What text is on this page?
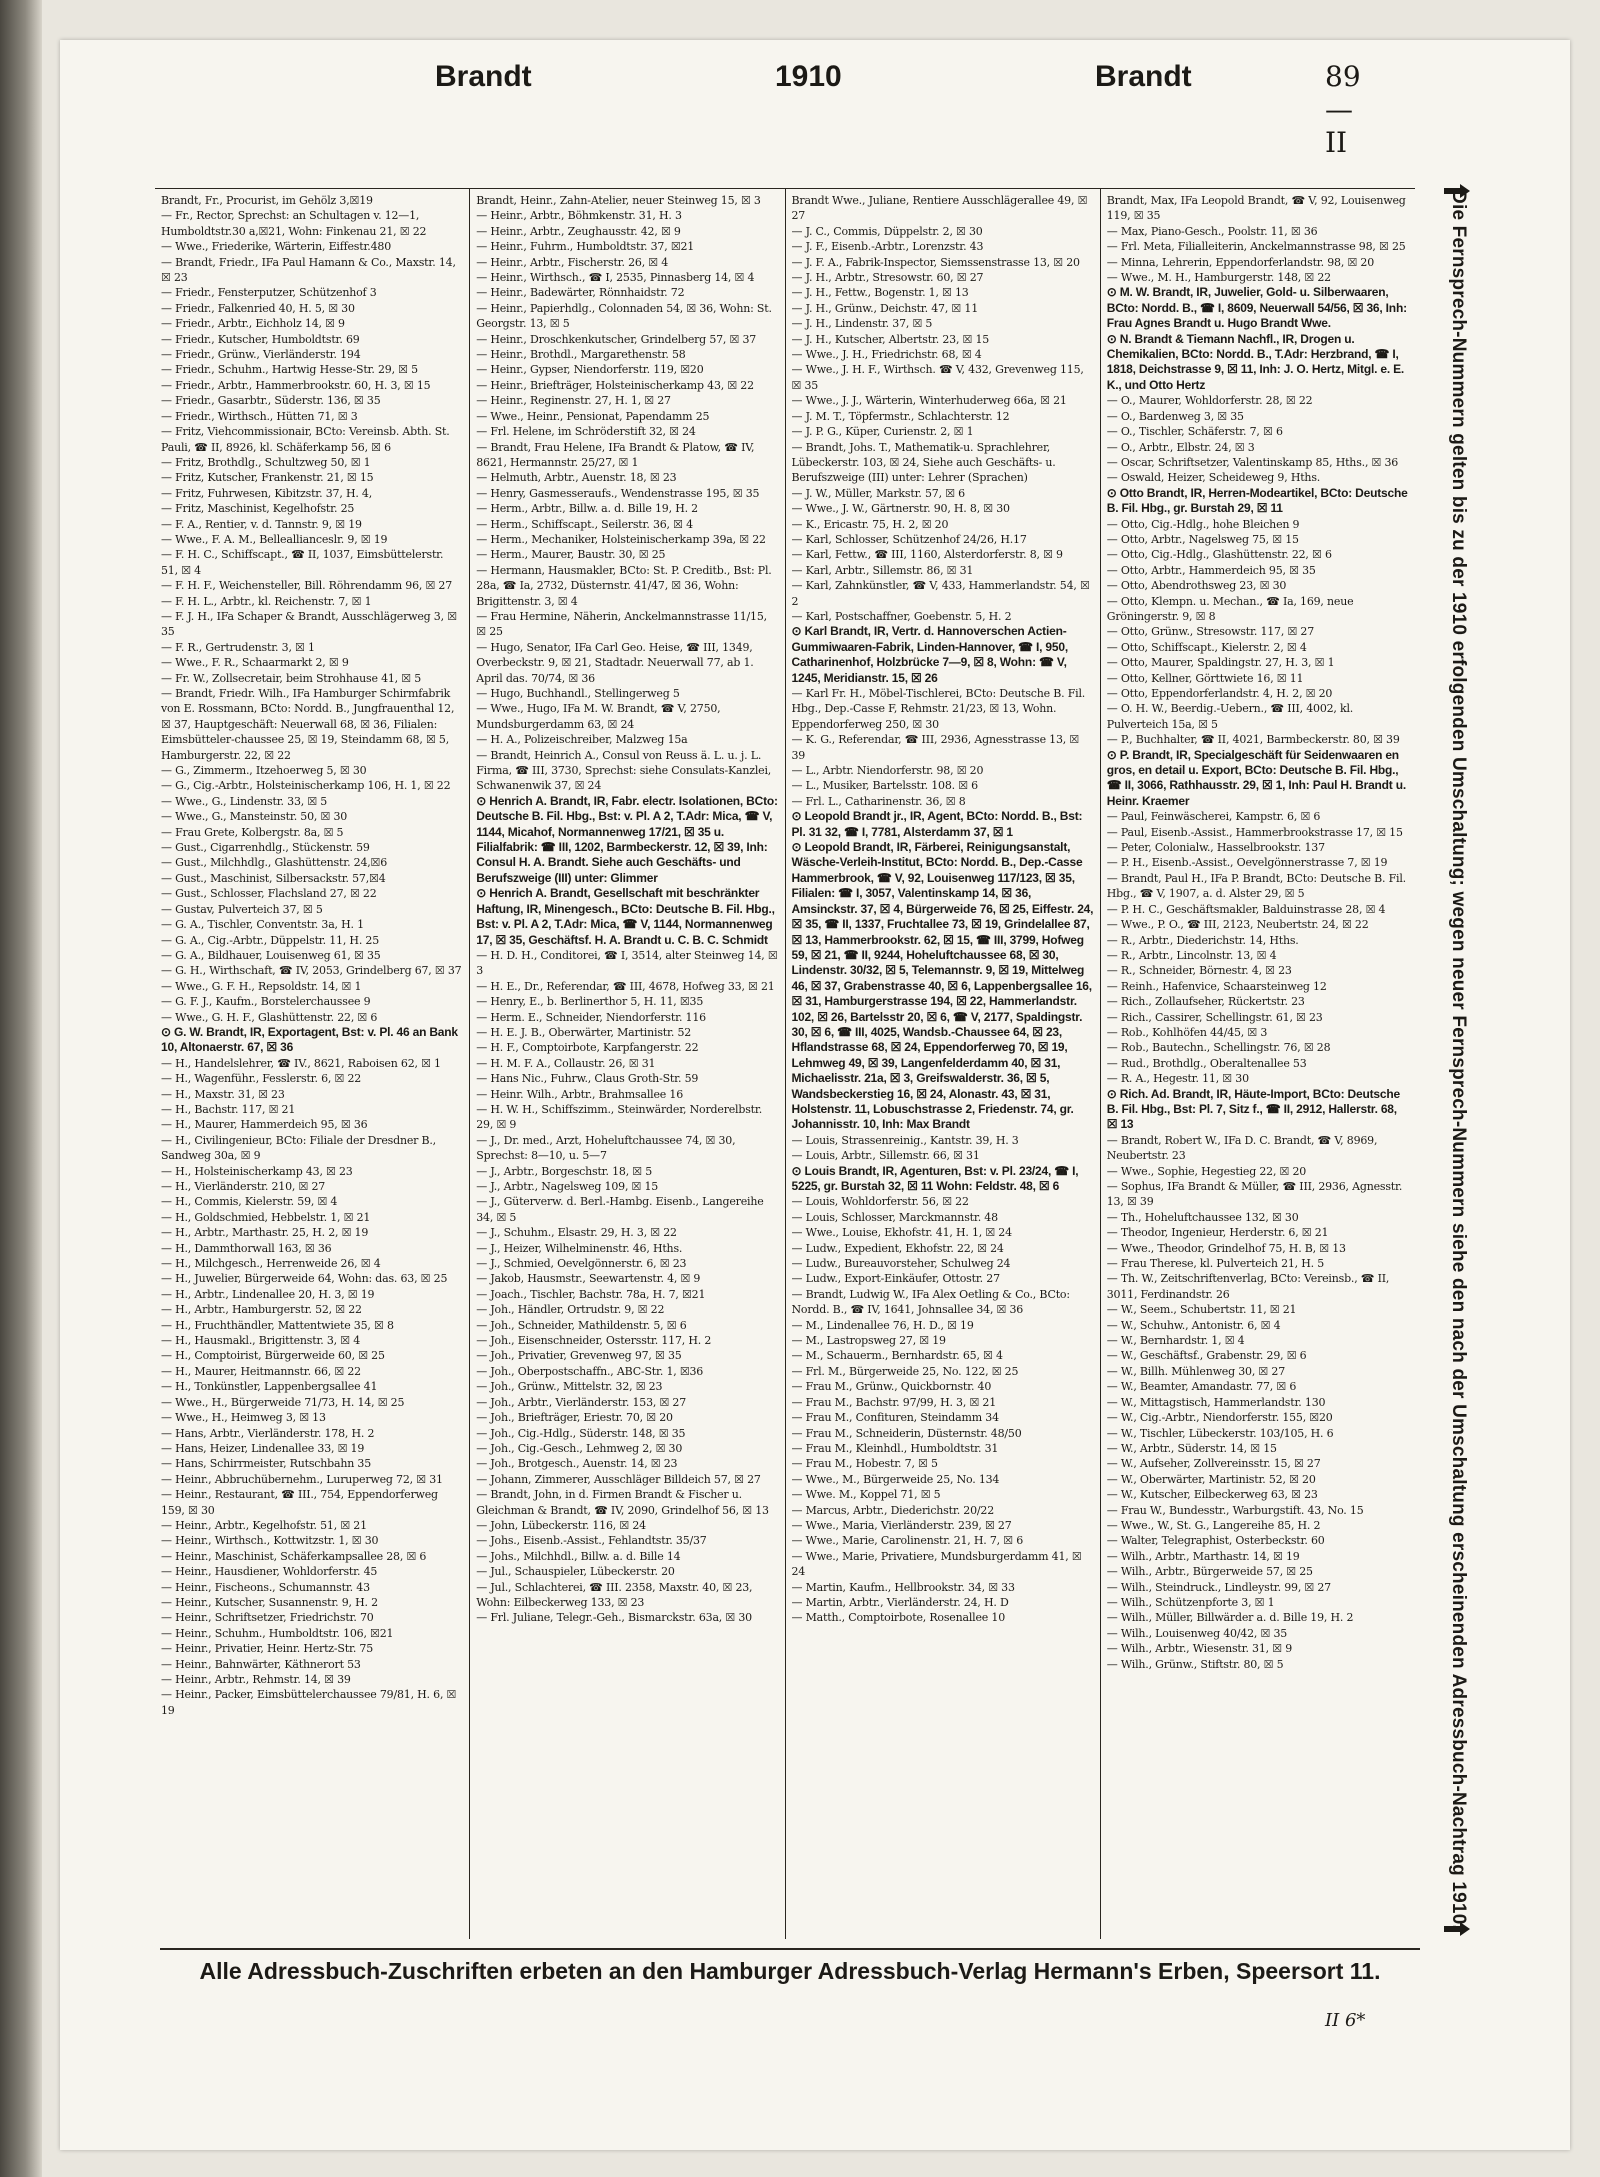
Brandt	1910	Brandt	89—II
Brandt, Fr., Procurist, im Gehölz 3,☒19
— Fr., Rector, Sprechst: an Schultagen v. 12—1, Humboldtstr.30 a,☒21, Wohn: Finkenau 21, ☒ 22
— Wwe., Friederike, Wärterin, Eiffestr.480
— Brandt, Friedr., IFa Paul Hamann & Co., Maxstr. 14, ☒ 23
— Friedr., Fensterputzer, Schützenhof 3
— Friedr., Falkenried 40, H. 5, ☒ 30
— Friedr., Arbtr., Eichholz 14, ☒ 9
— Friedr., Kutscher, Humboldtstr. 69
— Friedr., Grünw., Vierländerstr. 194
— Friedr., Schuhm., Hartwig Hesse-Str. 29, ☒ 5
— Friedr., Arbtr., Hammerbrookstr. 60, H. 3, ☒ 15
— Friedr., Gasarbtr., Süderstr. 136, ☒ 35
— Friedr., Wirthsch., Hütten 71, ☒ 3
— Fritz, Viehcommissionair, BCto: Vereinsb. Abth. St. Pauli, ☎ II, 8926, kl. Schäferkamp 56, ☒ 6
— Fritz, Brothdlg., Schultzweg 50, ☒ 1
— Fritz, Kutscher, Frankenstr. 21, ☒ 15
— Fritz, Fuhrwesen, Kibitzstr. 37, H. 4,
— Fritz, Maschinist, Kegelhofstr. 25
— F. A., Rentier, v. d. Tannstr. 9, ☒ 19
— Wwe., F. A. M., Belleallianceslr. 9, ☒ 19
— F. H. C., Schiffscapt., ☎ II, 1037, Eimsbüttelerstr. 51, ☒ 4
— F. H. F., Weichensteller, Bill. Röhrendamm 96, ☒ 27
— F. H. L., Arbtr., kl. Reichenstr. 7, ☒ 1
— F. J. H., IFa Schaper & Brandt, Ausschlägerweg 3, ☒ 35
— F. R., Gertrudenstr. 3, ☒ 1
— Wwe., F. R., Schaarmarkt 2, ☒ 9
— Fr. W., Zollsecretair, beim Strohhause 41, ☒ 5
— Brandt, Friedr. Wilh., IFa Hamburger Schirmfabrik von E. Rossmann, BCto: Nordd. B., Jungfrauenthal 12, ☒ 37, Hauptgeschäft: Neuerwall 68, ☒ 36, Filialen: Eimsbütteler-chaussee 25, ☒ 19, Steindamm 68, ☒ 5, Hamburgerstr. 22, ☒ 22
— G., Zimmerm., Itzehoerweg 5, ☒ 30
— G., Cig.-Arbtr., Holsteinischerkamp 106, H. 1, ☒ 22
— Wwe., G., Lindenstr. 33, ☒ 5
— Wwe., G., Mansteinstr. 50, ☒ 30
— Frau Grete, Kolbergstr. 8a, ☒ 5
— Gust., Cigarrenhdlg., Stückenstr. 59
— Gust., Milchhdlg., Glashüttenstr. 24,☒6
— Gust., Maschinist, Silbersackstr. 57,☒4
— Gust., Schlosser, Flachsland 27, ☒ 22
— Gustav, Pulverteich 37, ☒ 5
— G. A., Tischler, Conventstr. 3a, H. 1
— G. A., Cig.-Arbtr., Düppelstr. 11, H. 25
— G. A., Bildhauer, Louisenweg 61, ☒ 35
— G. H., Wirthschaft, ☎ IV, 2053, Grindelberg 67, ☒ 37
— Wwe., G. F. H., Repsoldstr. 14, ☒ 1
— G. F. J., Kaufm., Borstelerchaussee 9
— Wwe., G. H. F., Glashüttenstr. 22, ☒ 6
⊙ G. W. Brandt, IR, Exportagent, Bst: v. Pl. 46 an Bank 10, Altonaerstr. 67, ☒ 36
— H., Handelslehrer, ☎ IV., 8621, Raboisen 62, ☒ 1
— H., Wagenführ., Fesslerstr. 6, ☒ 22
— H., Maxstr. 31, ☒ 23
— H., Bachstr. 117, ☒ 21
— H., Maurer, Hammerdeich 95, ☒ 36
— H., Civilingenieur, BCto: Filiale der Dresdner B., Sandweg 30a, ☒ 9
— H., Holsteinischerkamp 43, ☒ 23
— H., Vierländerstr. 210, ☒ 27
— H., Commis, Kielerstr. 59, ☒ 4
— H., Goldschmied, Hebbelstr. 1, ☒ 21
— H., Arbtr., Marthastr. 25, H. 2, ☒ 19
— H., Dammthorwall 163, ☒ 36
— H., Milchgesch., Herrenweide 26, ☒ 4
— H., Juwelier, Bürgerweide 64, Wohn: das. 63, ☒ 25
— H., Arbtr., Lindenallee 20, H. 3, ☒ 19
— H., Arbtr., Hamburgerstr. 52, ☒ 22
— H., Fruchthändler, Mattentwiete 35, ☒ 8
— H., Hausmakl., Brigittenstr. 3, ☒ 4
— H., Comptoirist, Bürgerweide 60, ☒ 25
— H., Maurer, Heitmannstr. 66, ☒ 22
— H., Tonkünstler, Lappenbergsallee 41
— Wwe., H., Bürgerweide 71/73, H. 14, ☒ 25
— Wwe., H., Heimweg 3, ☒ 13
— Hans, Arbtr., Vierländerstr. 178, H. 2
— Hans, Heizer, Lindenallee 33, ☒ 19
— Hans, Schirrmeister, Rutschbahn 35
— Heinr., Abbruchübernehm., Luruperweg 72, ☒ 31
— Heinr., Restaurant, ☎ III., 754, Eppendorferweg 159, ☒ 30
— Heinr., Arbtr., Kegelhofstr. 51, ☒ 21
— Heinr., Wirthsch., Kottwitzstr. 1, ☒ 30
— Heinr., Maschinist, Schäferkampsallee 28, ☒ 6
— Heinr., Hausdiener, Wohldorferstr. 45
— Heinr., Fischeons., Schumannstr. 43
— Heinr., Kutscher, Susannenstr. 9, H. 2
— Heinr., Schriftsetzer, Friedrichstr. 70
— Heinr., Schuhm., Humboldtstr. 106, ☒21
— Heinr., Privatier, Heinr. Hertz-Str. 75
— Heinr., Bahnwärter, Käthnerort 53
— Heinr., Arbtr., Rehmstr. 14, ☒ 39
— Heinr., Packer, Eimsbüttelerchaussee 79/81, H. 6, ☒ 19
Brandt, Heinr., Zahn-Atelier, neuer Steinweg 15, ☒ 3
— Heinr., Arbtr., Böhmkenstr. 31, H. 3
— Heinr., Arbtr., Zeughausstr. 42, ☒ 9
— Heinr., Fuhrm., Humboldtstr. 37, ☒21
— Heinr., Arbtr., Fischerstr. 26, ☒ 4
— Heinr., Wirthsch., ☎ I, 2535, Pinnasberg 14, ☒ 4
— Heinr., Badewärter, Rönnhaidstr. 72
— Heinr., Papierhdlg., Colonnaden 54, ☒ 36, Wohn: St. Georgstr. 13, ☒ 5
— Heinr., Droschkenkutscher, Grindelberg 57, ☒ 37
— Heinr., Brothdl., Margarethenstr. 58
— Heinr., Gypser, Niendorferstr. 119, ☒20
— Heinr., Briefträger, Holsteinischerkamp 43, ☒ 22
— Heinr., Reginenstr. 27, H. 1, ☒ 27
— Wwe., Heinr., Pensionat, Papendamm 25
— Frl. Helene, im Schröderstift 32, ☒ 24
— Brandt, Frau Helene, IFa Brandt & Platow, ☎ IV, 8621, Hermannstr. 25/27, ☒ 1
— Helmuth, Arbtr., Auenstr. 18, ☒ 23
— Henry, Gasmesseraufs., Wendenstrasse 195, ☒ 35
— Herm., Arbtr., Billw. a. d. Bille 19, H. 2
— Herm., Schiffscapt., Seilerstr. 36, ☒ 4
— Herm., Mechaniker, Holsteinischerkamp 39a, ☒ 22
— Herm., Maurer, Baustr. 30, ☒ 25
— Hermann, Hausmakler, BCto: St. P. Creditb., Bst: Pl. 28a, ☎ Ia, 2732, Düsternstr. 41/47, ☒ 36, Wohn: Brigittenstr. 3, ☒ 4
— Frau Hermine, Näherin, Anckelmannstrasse 11/15, ☒ 25
— Hugo, Senator, IFa Carl Geo. Heise, ☎ III, 1349, Overbeckstr. 9, ☒ 21, Stadtadr. Neuerwall 77, ab 1. April das. 70/74, ☒ 36
— Hugo, Buchhandl., Stellingerweg 5
— Wwe., Hugo, IFa M. W. Brandt, ☎ V, 2750, Mundsburgerdamm 63, ☒ 24
— H. A., Polizeischreiber, Malzweg 15a
— Brandt, Heinrich A., Consul von Reuss ä. L. u. j. L. Firma, ☎ III, 3730, Sprechst: siehe Consulats-Kanzlei, Schwanenwik 37, ☒ 24
⊙ Henrich A. Brandt, IR, Fabr. electr. Isolationen, BCto: Deutsche B. Fil. Hbg., Bst: v. Pl. A 2, T.Adr: Mica, ☎ V, 1144, Micahof, Normannenweg 17/21, ☒ 35 u. Filialfabrik: ☎ III, 1202, Barmbeckerstr. 12, ☒ 39, Inh: Consul H. A. Brandt. Siehe auch Geschäfts- und Berufszweige (III) unter: Glimmer
⊙ Henrich A. Brandt, Gesellschaft mit beschränkter Haftung, IR, Minengesch., BCto: Deutsche B. Fil. Hbg., Bst: v. Pl. A 2, T.Adr: Mica, ☎ V, 1144, Normannenweg 17, ☒ 35, Geschäftsf. H. A. Brandt u. C. B. C. Schmidt
— H. D. H., Conditorei, ☎ I, 3514, alter Steinweg 14, ☒ 3
— H. E., Dr., Referendar, ☎ III, 4678, Hofweg 33, ☒ 21
— Henry, E., b. Berlinerthor 5, H. 11, ☒35
— Herm. E., Schneider, Niendorferstr. 116
— H. E. J. B., Oberwärter, Martinistr. 52
— H. F., Comptoirbote, Karpfangerstr. 22
— H. M. F. A., Collaustr. 26, ☒ 31
— Hans Nic., Fuhrw., Claus Groth-Str. 59
— Heinr. Wilh., Arbtr., Brahmsallee 16
— H. W. H., Schiffszimm., Steinwärder, Norderelbstr. 29, ☒ 9
— J., Dr. med., Arzt, Hoheluftchaussee 74, ☒ 30, Sprechst: 8—10, u. 5—7
— J., Arbtr., Borgeschstr. 18, ☒ 5
— J., Arbtr., Nagelsweg 109, ☒ 15
— J., Güterverw. d. Berl.-Hambg. Eisenb., Langereihe 34, ☒ 5
— J., Schuhm., Elsastr. 29, H. 3, ☒ 22
— J., Heizer, Wilhelminenstr. 46, Hths.
— J., Schmied, Oevelgönnerstr. 6, ☒ 23
— Jakob, Hausmstr., Seewartenstr. 4, ☒ 9
— Joach., Tischler, Bachstr. 78a, H. 7, ☒21
— Joh., Händler, Ortrudstr. 9, ☒ 22
— Joh., Schneider, Mathildenstr. 5, ☒ 6
— Joh., Eisenschneider, Ostersstr. 117, H. 2
— Joh., Privatier, Grevenweg 97, ☒ 35
— Joh., Oberpostschaffn., ABC-Str. 1, ☒36
— Joh., Grünw., Mittelstr. 32, ☒ 23
— Joh., Arbtr., Vierländerstr. 153, ☒ 27
— Joh., Briefträger, Eriestr. 70, ☒ 20
— Joh., Cig.-Hdlg., Süderstr. 148, ☒ 35
— Joh., Cig.-Gesch., Lehmweg 2, ☒ 30
— Joh., Brotgesch., Auenstr. 14, ☒ 23
— Johann, Zimmerer, Ausschläger Billdeich 57, ☒ 27
— Brandt, John, in d. Firmen Brandt & Fischer u. Gleichman & Brandt, ☎ IV, 2090, Grindelhof 56, ☒ 13
— John, Lübeckerstr. 116, ☒ 24
— Johs., Eisenb.-Assist., Fehlandtstr. 35/37
— Johs., Milchhdl., Billw. a. d. Bille 14
— Jul., Schauspieler, Lübeckerstr. 20
— Jul., Schlachterei, ☎ III. 2358, Maxstr. 40, ☒ 23, Wohn: Eilbeckerweg 133, ☒ 23
— Frl. Juliane, Telegr.-Geh., Bismarckstr. 63a, ☒ 30
Brandt Wwe., Juliane, Rentiere Ausschlägerallee 49, ☒ 27
— J. C., Commis, Düppelstr. 2, ☒ 30
— J. F., Eisenb.-Arbtr., Lorenzstr. 43
— J. F. A., Fabrik-Inspector, Siemssenstrasse 13, ☒ 20
— J. H., Arbtr., Stresowstr. 60, ☒ 27
— J. H., Fettw., Bogenstr. 1, ☒ 13
— J. H., Grünw., Deichstr. 47, ☒ 11
— J. H., Lindenstr. 37, ☒ 5
— J. H., Kutscher, Albertstr. 23, ☒ 15
— Wwe., J. H., Friedrichstr. 68, ☒ 4
— Wwe., J. H. F., Wirthsch. ☎ V, 432, Grevenweg 115, ☒ 35
— Wwe., J. J., Wärterin, Winterhuderweg 66a, ☒ 21
— J. M. T., Töpfermstr., Schlachterstr. 12
— J. P. G., Küper, Curienstr. 2, ☒ 1
— Brandt, Johs. T., Mathematik-u. Sprachlehrer, Lübeckerstr. 103, ☒ 24, Siehe auch Geschäfts- u. Berufszweige (III) unter: Lehrer (Sprachen)
— J. W., Müller, Markstr. 57, ☒ 6
— Wwe., J. W., Gärtnerstr. 90, H. 8, ☒ 30
— K., Ericastr. 75, H. 2, ☒ 20
— Karl, Schlosser, Schützenhof 24/26, H.17
— Karl, Fettw., ☎ III, 1160, Alsterdorferstr. 8, ☒ 9
— Karl, Arbtr., Sillemstr. 86, ☒ 31
— Karl, Zahnkünstler, ☎ V, 433, Hammerlandstr. 54, ☒ 2
— Karl, Postschaffner, Goebenstr. 5, H. 2
⊙ Karl Brandt, IR, Vertr. d. Hannoverschen Actien-Gummiwaaren-Fabrik, Linden-Hannover, ☎ I, 950, Catharinenhof, Holzbrücke 7—9, ☒ 8, Wohn: ☎ V, 1245, Meridianstr. 15, ☒ 26
— Karl Fr. H., Möbel-Tischlerei, BCto: Deutsche B. Fil. Hbg., Dep.-Casse F, Rehmstr. 21/23, ☒ 13, Wohn. Eppendorferweg 250, ☒ 30
— K. G., Referendar, ☎ III, 2936, Agnesstrasse 13, ☒ 39
— L., Arbtr. Niendorferstr. 98, ☒ 20
— L., Musiker, Bartelsstr. 108. ☒ 6
— Frl. L., Catharinenstr. 36, ☒ 8
⊙ Leopold Brandt jr., IR, Agent, BCto: Nordd. B., Bst: Pl. 31 32, ☎ I, 7781, Alsterdamm 37, ☒ 1
⊙ Leopold Brandt, IR, Färberei, Reinigungsanstalt, Wäsche-Verleih-Institut, BCto: Nordd. B., Dep.-Casse Hammerbrook, ☎ V, 92, Louisenweg 117/123, ☒ 35, Filialen: ☎ I, 3057, Valentinskamp 14, ☒ 36, Amsinckstr. 37, ☒ 4, Bürgerweide 76, ☒ 25, Eiffestr. 24, ☒ 35, ☎ II, 1337, Fruchtallee 73, ☒ 19, Grindelallee 87, ☒ 13, Hammerbrookstr. 62, ☒ 15, ☎ III, 3799, Hofweg 59, ☒ 21, ☎ II, 9244, Hoheluftchaussee 68, ☒ 30, Lindenstr. 30/32, ☒ 5, Telemannstr. 9, ☒ 19, Mittelweg 46, ☒ 37, Grabenstrasse 40, ☒ 6, Lappenbergsallee 16, ☒ 31, Hamburgerstrasse 194, ☒ 22, Hammerlandstr. 102, ☒ 26, Bartelsstr 20, ☒ 6, ☎ V, 2177, Spaldingstr. 30, ☒ 6, ☎ III, 4025, Wandsb.-Chaussee 64, ☒ 23, Hflandstrasse 68, ☒ 24, Eppendorferweg 70, ☒ 19, Lehmweg 49, ☒ 39, Langenfelderdamm 40, ☒ 31, Michaelisstr. 21a, ☒ 3, Greifswalderstr. 36, ☒ 5, Wandsbeckerstieg 16, ☒ 24, Alonastr. 43, ☒ 31, Holstenstr. 11, Lobuschstrasse 2, Friedenstr. 74, gr. Johannisstr. 10, Inh: Max Brandt
— Louis, Strassenreinig., Kantstr. 39, H. 3
— Louis, Arbtr., Sillemstr. 66, ☒ 31
⊙ Louis Brandt, IR, Agenturen, Bst: v. Pl. 23/24, ☎ I, 5225, gr. Burstah 32, ☒ 11 Wohn: Feldstr. 48, ☒ 6
— Louis, Wohldorferstr. 56, ☒ 22
— Louis, Schlosser, Marckmannstr. 48
— Wwe., Louise, Ekhofstr. 41, H. 1, ☒ 24
— Ludw., Expedient, Ekhofstr. 22, ☒ 24
— Ludw., Bureauvorsteher, Schulweg 24
— Ludw., Export-Einkäufer, Ottostr. 27
— Brandt, Ludwig W., IFa Alex Oetling & Co., BCto: Nordd. B., ☎ IV, 1641, Johnsallee 34, ☒ 36
— M., Lindenallee 76, H. D., ☒ 19
— M., Lastropsweg 27, ☒ 19
— M., Schauerm., Bernhardstr. 65, ☒ 4
— Frl. M., Bürgerweide 25, No. 122, ☒ 25
— Frau M., Grünw., Quickbornstr. 40
— Frau M., Bachstr. 97/99, H. 3, ☒ 21
— Frau M., Confituren, Steindamm 34
— Frau M., Schneiderin, Düsternstr. 48/50
— Frau M., Kleinhdl., Humboldtstr. 31
— Frau M., Hobestr. 7, ☒ 5
— Wwe., M., Bürgerweide 25, No. 134
— Wwe. M., Koppel 71, ☒ 5
— Marcus, Arbtr., Diederichstr. 20/22
— Wwe., Maria, Vierländerstr. 239, ☒ 27
— Wwe., Marie, Carolinenstr. 21, H. 7, ☒ 6
— Wwe., Marie, Privatiere, Mundsburgerdamm 41, ☒ 24
— Martin, Kaufm., Hellbrookstr. 34, ☒ 33
— Martin, Arbtr., Vierländerstr. 24, H. D
— Matth., Comptoirbote, Rosenallee 10
Brandt, Max, IFa Leopold Brandt, ☎ V, 92, Louisenweg 119, ☒ 35
— Max, Piano-Gesch., Poolstr. 11, ☒ 36
— Frl. Meta, Filialleiterin, Anckelmannstrasse 98, ☒ 25
— Minna, Lehrerin, Eppendorferlandstr. 98, ☒ 20
— Wwe., M. H., Hamburgerstr. 148, ☒ 22
⊙ M. W. Brandt, IR, Juwelier, Gold- u. Silberwaaren, BCto: Nordd. B., ☎ I, 8609, Neuerwall 54/56, ☒ 36, Inh: Frau Agnes Brandt u. Hugo Brandt Wwe.
⊙ N. Brandt & Tiemann Nachfl., IR, Drogen u. Chemikalien, BCto: Nordd. B., T.Adr: Herzbrand, ☎ I, 1818, Deichstrasse 9, ☒ 11, Inh: J. O. Hertz, Mitgl. e. E. K., und Otto Hertz
— O., Maurer, Wohldorferstr. 28, ☒ 22
— O., Bardenweg 3, ☒ 35
— O., Tischler, Schäferstr. 7, ☒ 6
— O., Arbtr., Elbstr. 24, ☒ 3
— Oscar, Schriftsetzer, Valentinskamp 85, Hths., ☒ 36
— Oswald, Heizer, Scheideweg 9, Hths.
⊙ Otto Brandt, IR, Herren-Modeartikel, BCto: Deutsche B. Fil. Hbg., gr. Burstah 29, ☒ 11
— Otto, Cig.-Hdlg., hohe Bleichen 9
— Otto, Arbtr., Nagelsweg 75, ☒ 15
— Otto, Cig.-Hdlg., Glashüttenstr. 22, ☒ 6
— Otto, Arbtr., Hammerdeich 95, ☒ 35
— Otto, Abendrothsweg 23, ☒ 30
— Otto, Klempn. u. Mechan., ☎ Ia, 169, neue Gröningerstr. 9, ☒ 8
— Otto, Grünw., Stresowstr. 117, ☒ 27
— Otto, Schiffscapt., Kielerstr. 2, ☒ 4
— Otto, Maurer, Spaldingstr. 27, H. 3, ☒ 1
— Otto, Kellner, Görttwiete 16, ☒ 11
— Otto, Eppendorferlandstr. 4, H. 2, ☒ 20
— O. H. W., Beerdig.-Uebern., ☎ III, 4002, kl. Pulverteich 15a, ☒ 5
— P., Buchhalter, ☎ II, 4021, Barmbeckerstr. 80, ☒ 39
⊙ P. Brandt, IR, Specialgeschäft für Seidenwaaren en gros, en detail u. Export, BCto: Deutsche B. Fil. Hbg., ☎ II, 3066, Rathhausstr. 29, ☒ 1, Inh: Paul H. Brandt u. Heinr. Kraemer
— Paul, Feinwäscherei, Kampstr. 6, ☒ 6
— Paul, Eisenb.-Assist., Hammerbrookstrasse 17, ☒ 15
— Peter, Colonialw., Hasselbrookstr. 137
— P. H., Eisenb.-Assist., Oevelgönnerstrasse 7, ☒ 19
— Brandt, Paul H., IFa P. Brandt, BCto: Deutsche B. Fil. Hbg., ☎ V, 1907, a. d. Alster 29, ☒ 5
— P. H. C., Geschäftsmakler, Balduinstrasse 28, ☒ 4
— Wwe., P. O., ☎ III, 2123, Neubertstr. 24, ☒ 22
— R., Arbtr., Diederichstr. 14, Hths.
— R., Arbtr., Lincolnstr. 13, ☒ 4
— R., Schneider, Börnestr. 4, ☒ 23
— Reinh., Hafenvice, Schaarsteinweg 12
— Rich., Zollaufseher, Rückertstr. 23
— Rich., Cassirer, Schellingstr. 61, ☒ 23
— Rob., Kohlhöfen 44/45, ☒ 3
— Rob., Bautechn., Schellingstr. 76, ☒ 28
— Rud., Brothdlg., Oberaltenallee 53
— R. A., Hegestr. 11, ☒ 30
⊙ Rich. Ad. Brandt, IR, Häute-Import, BCto: Deutsche B. Fil. Hbg., Bst: Pl. 7, Sitz f., ☎ II, 2912, Hallerstr. 68, ☒ 13
— Brandt, Robert W., IFa D. C. Brandt, ☎ V, 8969, Neubertstr. 23
— Wwe., Sophie, Hegestieg 22, ☒ 20
— Sophus, IFa Brandt & Müller, ☎ III, 2936, Agnesstr. 13, ☒ 39
— Th., Hoheluftchaussee 132, ☒ 30
— Theodor, Ingenieur, Herderstr. 6, ☒ 21
— Wwe., Theodor, Grindelhof 75, H. B, ☒ 13
— Frau Therese, kl. Pulverteich 21, H. 5
— Th. W., Zeitschriftenverlag, BCto: Vereinsb., ☎ II, 3011, Ferdinandstr. 26
— W., Seem., Schubertstr. 11, ☒ 21
— W., Schuhw., Antonistr. 6, ☒ 4
— W., Bernhardstr. 1, ☒ 4
— W., Geschäftsf., Grabenstr. 29, ☒ 6
— W., Billh. Mühlenweg 30, ☒ 27
— W., Beamter, Amandastr. 77, ☒ 6
— W., Mittagstisch, Hammerlandstr. 130
— W., Cig.-Arbtr., Niendorferstr. 155, ☒20
— W., Tischler, Lübeckerstr. 103/105, H. 6
— W., Arbtr., Süderstr. 14, ☒ 15
— W., Aufseher, Zollvereinsstr. 15, ☒ 27
— W., Oberwärter, Martinistr. 52, ☒ 20
— W., Kutscher, Eilbeckerweg 63, ☒ 23
— Frau W., Bundesstr., Warburgstift. 43, No. 15
— Wwe., W., St. G., Langereihe 85, H. 2
— Walter, Telegraphist, Osterbeckstr. 60
— Wilh., Arbtr., Marthastr. 14, ☒ 19
— Wilh., Arbtr., Bürgerweide 57, ☒ 25
— Wilh., Steindruck., Lindleystr. 99, ☒ 27
— Wilh., Schützenpforte 3, ☒ 1
— Wilh., Müller, Billwärder a. d. Bille 19, H. 2
— Wilh., Louisenweg 40/42, ☒ 35
— Wilh., Arbtr., Wiesenstr. 31, ☒ 9
— Wilh., Grünw., Stiftstr. 80, ☒ 5	Die Fernsprech-Nummern gelten bis zu der 1910 erfolgenden Umschaltung; wegen neuer Fernsprech-Nummern siehe den nach der Umschaltung erscheinenden Adressbuch-Nachtrag 1910.
Alle Adressbuch-Zuschriften erbeten an den Hamburger Adressbuch-Verlag Hermann's Erben, Speersort 11.
II 6*
